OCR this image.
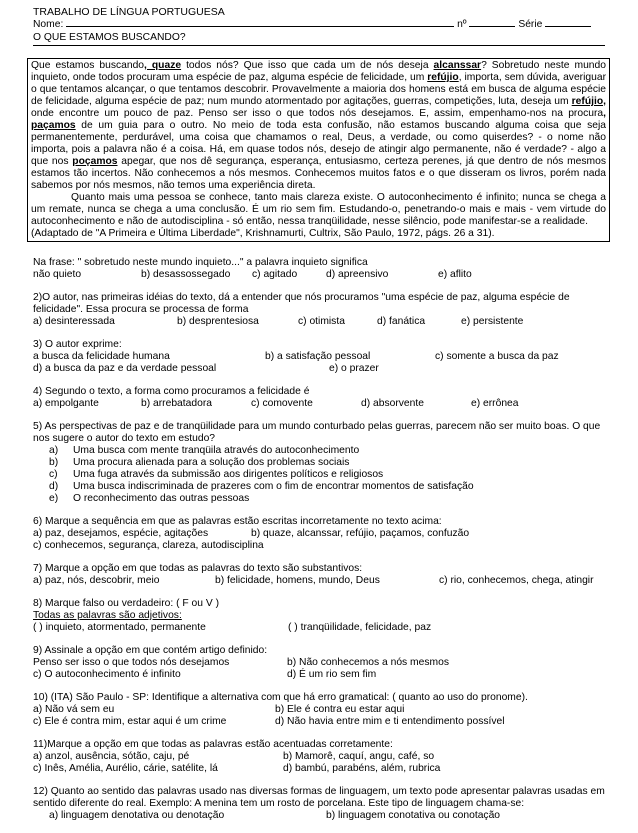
TRABALHO DE LÍNGUA PORTUGUESA
Nome:	nº	Série
O QUE ESTAMOS BUSCANDO?

Que estamos buscando, quaze todos nós? Que isso que cada um de nós deseja alcanssar? Sobretudo neste mundo inquieto, onde todos procuram uma espécie de paz, alguma espécie de felicidade, um refújio, importa, sem dúvida, averiguar o que tentamos alcançar, o que tentamos descobrir. Provavelmente a maioria dos homens está em busca de alguma espécie de felicidade, alguma espécie de paz; num mundo atormentado por agitações, guerras, competições, luta, deseja um refújio, onde encontre um pouco de paz. Penso ser isso o que todos nós desejamos. E, assim, empenhamo-nos na procura, paçamos de um guia para o outro. No meio de toda esta confusão, não estamos buscando alguma coisa que seja permanentemente, perdurável, uma coisa que chamamos o real, Deus, a verdade, ou como quiserdes? - o nome não importa, pois a palavra não é a coisa. Há, em quase todos nós, desejo de atingir algo permanente, não é verdade? - algo a que nos poçamos apegar, que nos dê segurança, esperança, entusiasmo, certeza perenes, já que dentro de nós mesmos estamos tão incertos. Não conhecemos a nós mesmos. Conhecemos muitos fatos e o que disseram os livros, porém nada sabemos por nós mesmos, não temos uma experiência direta.

Quanto mais uma pessoa se conhece, tanto mais clareza existe. O autoconhecimento é infinito; nunca se chega a um remate, nunca se chega a uma conclusão. É um rio sem fim. Estudando-o, penetrando-o mais e mais - vem virtude do autoconhecimento e não de autodisciplina - só então, nessa tranqüilidade, nesse silêncio, pode manifestar-se a realidade.

(Adaptado de "A Primeira e Última Liberdade", Krishnamurti, Cultrix, São Paulo, 1972, págs. 26 a 31).

Na frase: " sobretudo neste mundo inquieto..." a palavra inquieto significa
não quieto	b) desassossegado	c) agitado	d) apreensivo	e) aflito
2)O autor, nas primeiras idéias do texto, dá a entender que nós procuramos "uma espécie de paz, alguma espécie de felicidade". Essa procura se processa de forma
a) desinteressada	b) desprentesiosa	c) otimista	d) fanática	e) persistente
3) O autor exprime:
a busca da felicidade humana	b) a satisfação pessoal	c) somente a busca da paz
d) a busca da paz e da verdade pessoal	e) o prazer
4) Segundo o texto, a forma como procuramos a felicidade é
a) empolgante	b) arrebatadora	c) comovente	d) absorvente	e) errônea
5) As perspectivas de paz e de tranqüilidade para um mundo conturbado pelas guerras, parecem não ser muito boas. O que nos sugere o autor do texto em estudo?
a)	Uma busca com mente tranqüila através do autoconhecimento
b)	Uma procura alienada para a solução dos problemas sociais
c)	Uma fuga através da submissão aos dirigentes políticos e religiosos
d)	Uma busca indiscriminada de prazeres com o fim de encontrar momentos de satisfação
e)	O reconhecimento das outras pessoas
6) Marque a sequência em que as palavras estão escritas incorretamente no texto acima:
a) paz, desejamos, espécie, agitações	b) quaze, alcanssar, refújio, paçamos, confuzão
c) conhecemos, segurança, clareza, autodisciplina
7) Marque a opção em que todas as palavras do texto são substantivos:
a) paz, nós, descobrir, meio	b) felicidade, homens, mundo, Deus	c) rio, conhecemos, chega, atingir
8) Marque falso ou verdadeiro: ( F ou V )
Todas as palavras são adjetivos:
( ) inquieto, atormentado, permanente	( ) tranqüilidade, felicidade, paz
9) Assinale a opção em que contém artigo definido:
Penso ser isso o que todos nós desejamos	b) Não conhecemos a nós mesmos
c) O autoconhecimento é infinito	d) É um rio sem fim
10) (ITA) São Paulo - SP: Identifique a alternativa com que há erro gramatical: ( quanto ao uso do pronome).
a) Não vá sem eu	b) Ele é contra eu estar aqui
c) Ele é contra mim, estar aqui é um crime	d) Não havia entre mim e ti entendimento possível
11)Marque a opção em que todas as palavras estão acentuadas corretamente:
a) anzol, ausência, sótão, caju, pé	b) Mamorê, caquí, angu, café, so
c) Inês, Amélia, Aurélio, cárie, satélite, lá	d) bambú, parabéns, além, rubrica
12) Quanto ao sentido das palavras usado nas diversas formas de linguagem, um texto pode apresentar palavras usadas em sentido diferente do real. Exemplo: A menina tem um rosto de porcelana. Este tipo de linguagem chama-se:
a) linguagem denotativa ou denotação	b) linguagem conotativa ou conotação
